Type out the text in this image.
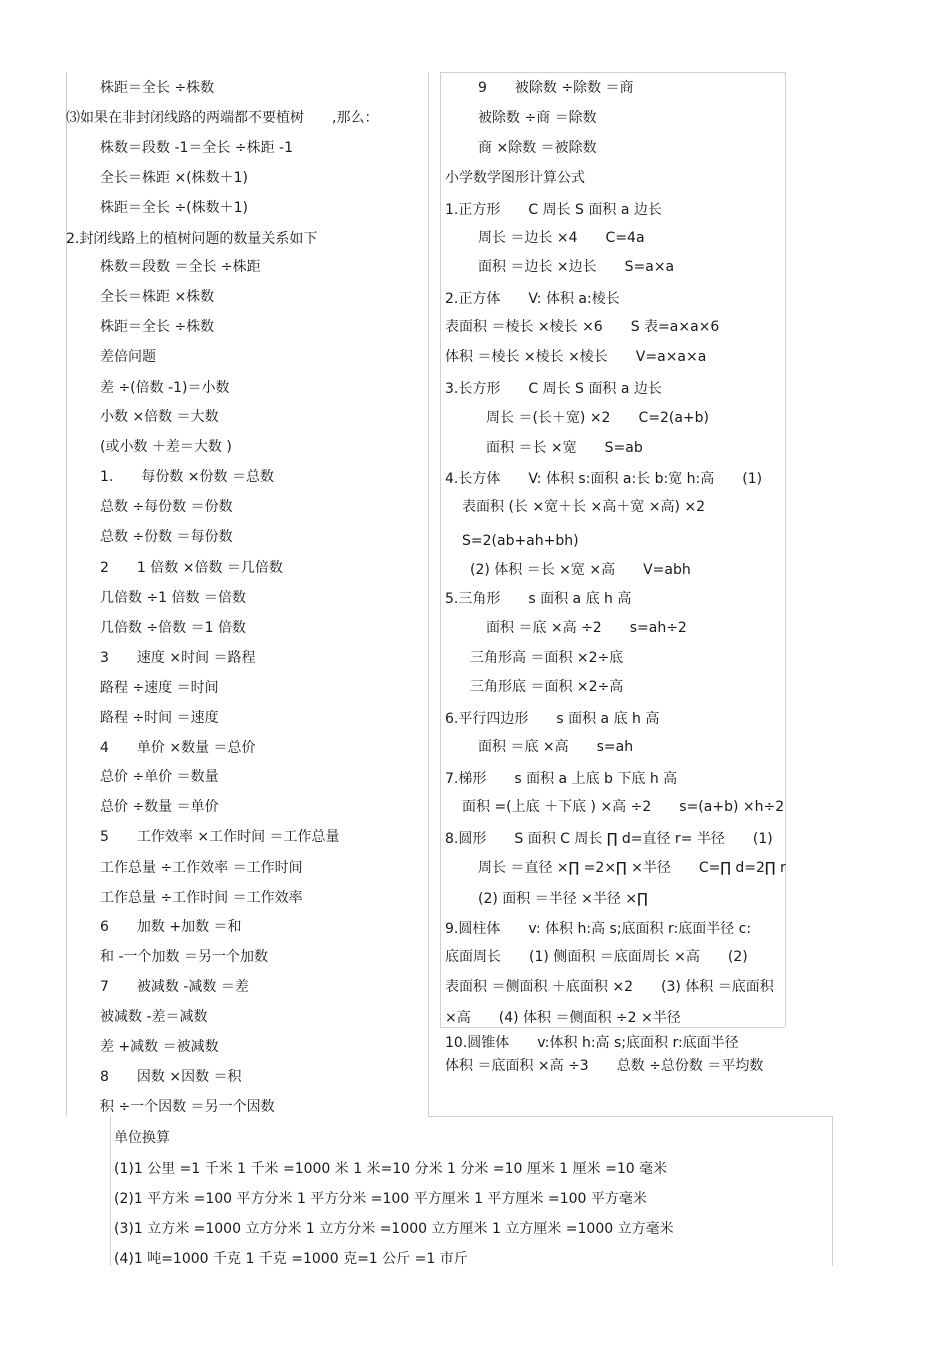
株距＝全长 ÷株数
⑶如果在非封闭线路的两端都不要植树　　,那么：
株数＝段数 -1＝全长 ÷株距 -1
全长＝株距 ×(株数＋1)
株距＝全长 ÷(株数＋1)
2.封闭线路上的植树问题的数量关系如下
株数＝段数 ＝全长 ÷株距
全长＝株距 ×株数
株距＝全长 ÷株数
差倍问题
差 ÷(倍数 -1)＝小数
小数 ×倍数 ＝大数
(或小数 ＋差＝大数 )
1.　　每份数 ×份数 ＝总数
总数 ÷每份数 ＝份数
总数 ÷份数 ＝每份数
2　　1 倍数 ×倍数 ＝几倍数
几倍数 ÷1 倍数 ＝倍数
几倍数 ÷倍数 ＝1 倍数
3　　速度 ×时间 ＝路程
路程 ÷速度 ＝时间
路程 ÷时间 ＝速度
4　　单价 ×数量 ＝总价
总价 ÷单价 ＝数量
总价 ÷数量 ＝单价
5　　工作效率 ×工作时间 ＝工作总量
工作总量 ÷工作效率 ＝工作时间
工作总量 ÷工作时间 ＝工作效率
6　　加数 +加数 ＝和
和 -一个加数 ＝另一个加数
7　　被减数 -减数 ＝差
被减数 -差＝减数
差 +减数 ＝被减数
8　　因数 ×因数 ＝积
积 ÷一个因数 ＝另一个因数
9　　被除数 ÷除数 ＝商
被除数 ÷商 ＝除数
商 ×除数 ＝被除数
小学数学图形计算公式
1.正方形　　C 周长 S 面积 a 边长
周长 ＝边长 ×4　　C=4a
面积 ＝边长 ×边长　　S=a×a
2.正方体　　V: 体积 a:棱长
表面积 ＝棱长 ×棱长 ×6　　S 表=a×a×6
体积 ＝棱长 ×棱长 ×棱长　　V=a×a×a
3.长方形　　C 周长 S 面积 a 边长
周长 ＝(长＋宽) ×2　　C=2(a+b)
面积 ＝长 ×宽　　S=ab
4.长方体　　V: 体积 s:面积 a:长 b:宽 h:高　　(1)
表面积 (长 ×宽＋长 ×高＋宽 ×高) ×2
S=2(ab+ah+bh)
(2) 体积 ＝长 ×宽 ×高　　V=abh
5.三角形　　s 面积 a 底 h 高
面积 ＝底 ×高 ÷2　　s=ah÷2
三角形高 ＝面积 ×2÷底
三角形底 ＝面积 ×2÷高
6.平行四边形　　s 面积 a 底 h 高
面积 ＝底 ×高　　s=ah
7.梯形　　s 面积 a 上底 b 下底 h 高
面积 =(上底 ＋下底 ) ×高 ÷2　　s=(a+b) ×h÷2
8.圆形　　S 面积 C 周长 ∏ d=直径 r= 半径　　(1)
周长 ＝直径 ×∏ =2×∏ ×半径　　C=∏ d=2∏ r
(2) 面积 ＝半径 ×半径 ×∏
9.圆柱体　　v: 体积 h:高 s;底面积 r:底面半径 c:
底面周长　　(1) 侧面积 ＝底面周长 ×高　　(2)
表面积 ＝侧面积 ＋底面积 ×2　　(3) 体积 ＝底面积
×高　　(4) 体积 ＝侧面积 ÷2 ×半径
10.圆锥体　　v:体积 h:高 s;底面积 r:底面半径
体积 ＝底面积 ×高 ÷3　　总数 ÷总份数 ＝平均数
单位换算
(1)1 公里 =1 千米 1 千米 =1000 米 1 米=10 分米 1 分米 =10 厘米 1 厘米 =10 毫米
(2)1 平方米 =100 平方分米 1 平方分米 =100 平方厘米 1 平方厘米 =100 平方毫米
(3)1 立方米 =1000 立方分米 1 立方分米 =1000 立方厘米 1 立方厘米 =1000 立方毫米
(4)1 吨=1000 千克 1 千克 =1000 克=1 公斤 =1 市斤
